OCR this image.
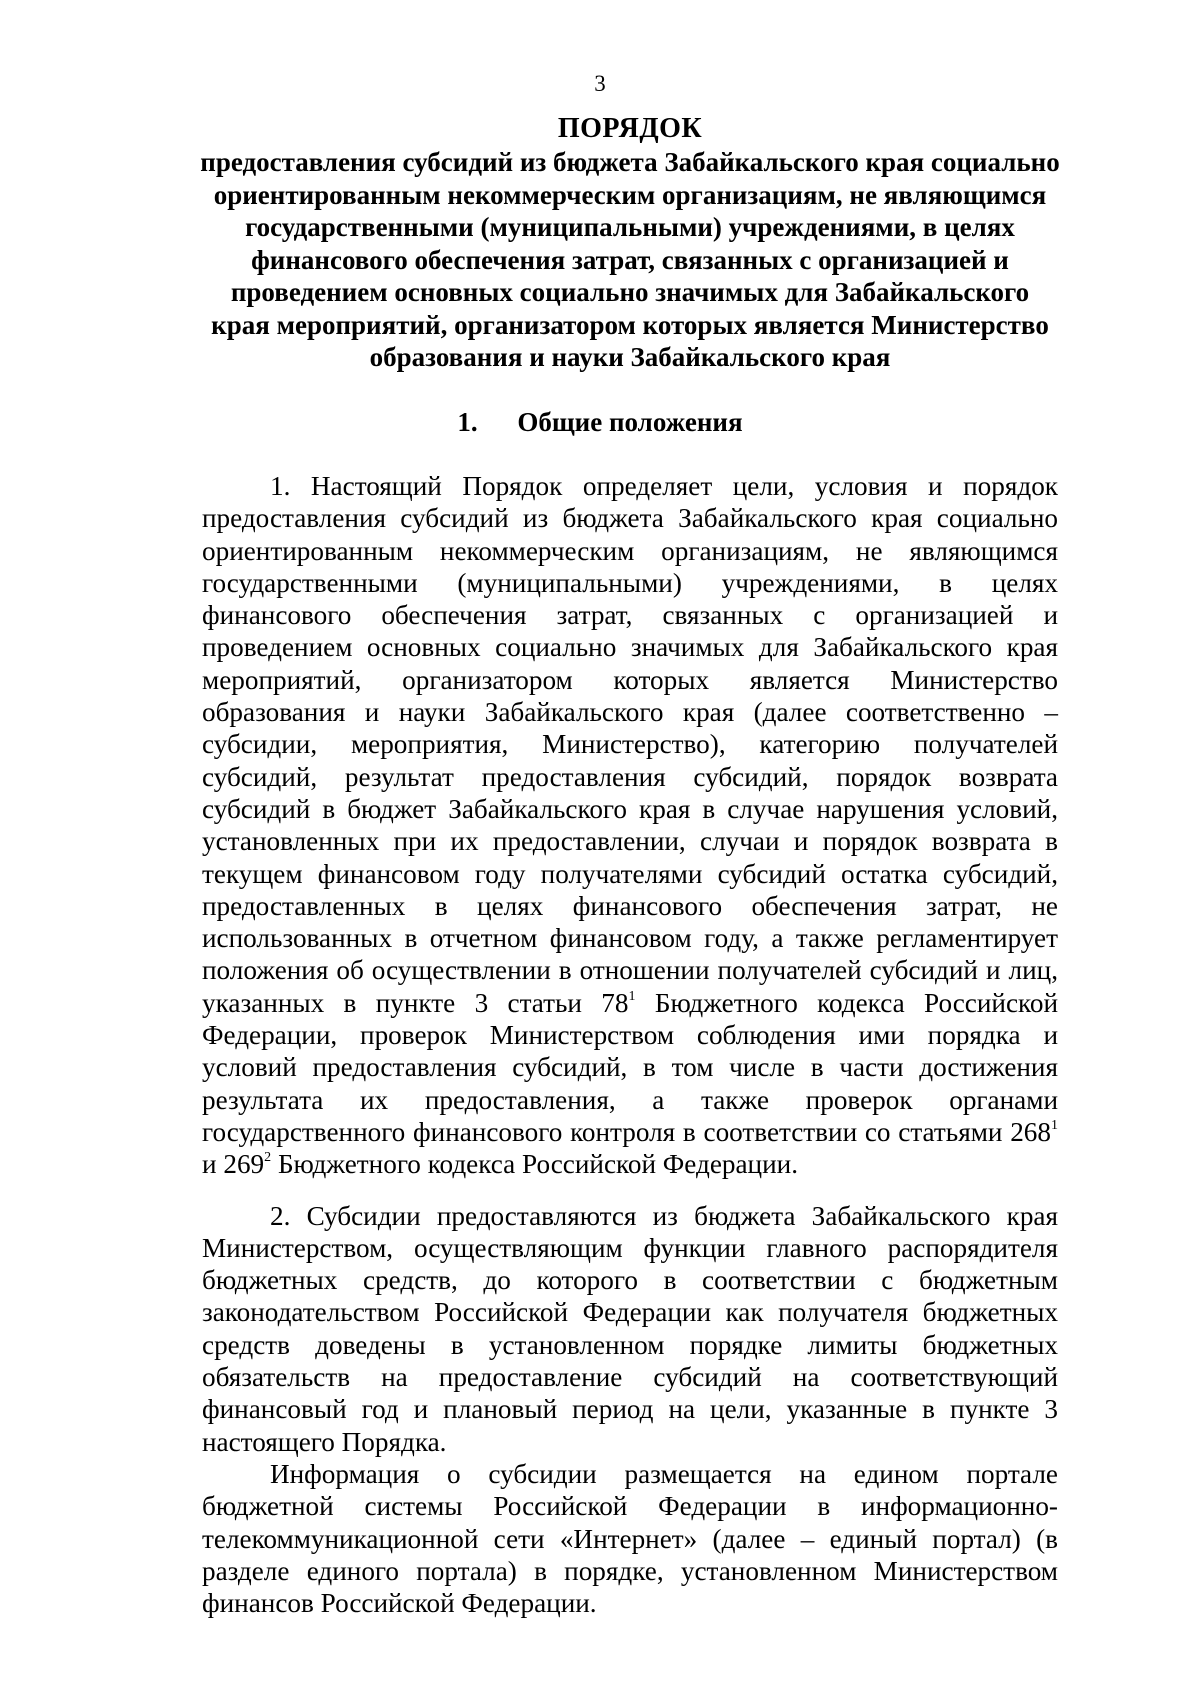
3

ПОРЯДОК

предоставления субсидий из бюджета Забайкальского края социально ориентированным некоммерческим организациям, не являющимся государственными (муниципальными) учреждениями, в целях финансового обеспечения затрат, связанных с организацией и проведением основных социально значимых для Забайкальского края мероприятий, организатором которых является Министерство образования и науки Забайкальского края

1. Общие положения

1. Настоящий Порядок определяет цели, условия и порядок предоставления субсидий из бюджета Забайкальского края социально ориентированным некоммерческим организациям, не являющимся государственными (муниципальными) учреждениями, в целях финансового обеспечения затрат, связанных с организацией и проведением основных социально значимых для Забайкальского края мероприятий, организатором которых является Министерство образования и науки Забайкальского края (далее соответственно – субсидии, мероприятия, Министерство), категорию получателей субсидий, результат предоставления субсидий, порядок возврата субсидий в бюджет Забайкальского края в случае нарушения условий, установленных при их предоставлении, случаи и порядок возврата в текущем финансовом году получателями субсидий остатка субсидий, предоставленных в целях финансового обеспечения затрат, не использованных в отчетном финансовом году, а также регламентирует положения об осуществлении в отношении получателей субсидий и лиц, указанных в пункте 3 статьи $78^1$ Бюджетного кодекса Российской Федерации, проверок Министерством соблюдения ими порядка и условий предоставления субсидий, в том числе в части достижения результата их предоставления, а также проверок органами государственного финансового контроля в соответствии со статьями $268^1$ и $269^2$ Бюджетного кодекса Российской Федерации.

2. Субсидии предоставляются из бюджета Забайкальского края Министерством, осуществляющим функции главного распорядителя бюджетных средств, до которого в соответствии с бюджетным законодательством Российской Федерации как получателя бюджетных средств доведены в установленном порядке лимиты бюджетных обязательств на предоставление субсидий на соответствующий финансовый год и плановый период на цели, указанные в пункте 3 настоящего Порядка.

Информация о субсидии размещается на едином портале бюджетной системы Российской Федерации в информационно-телекоммуникационной сети «Интернет» (далее – единый портал) (в разделе единого портала) в порядке, установленном Министерством финансов Российской Федерации.
